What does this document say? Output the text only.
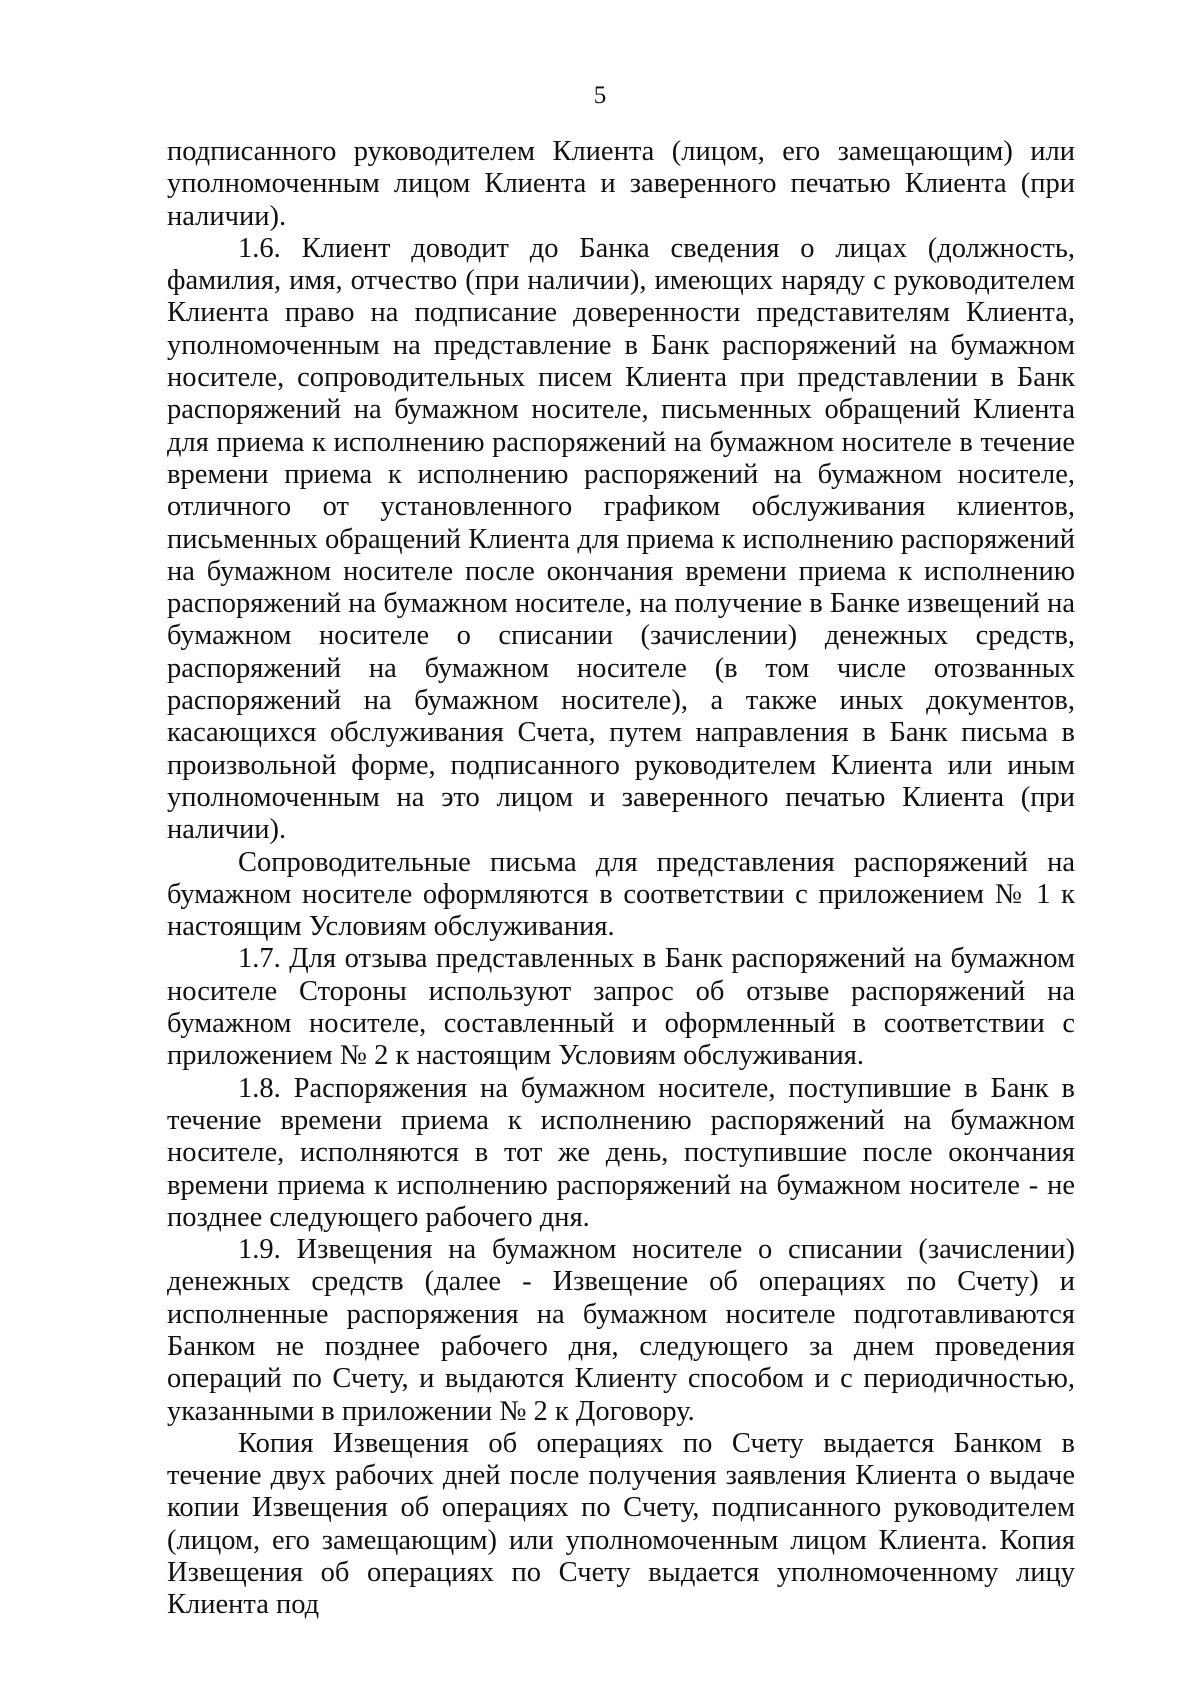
5

подписанного руководителем Клиента (лицом, его замещающим) или уполномоченным лицом Клиента и заверенного печатью Клиента (при наличии).

1.6. Клиент доводит до Банка сведения о лицах (должность, фамилия, имя, отчество (при наличии), имеющих наряду с руководителем Клиента право на подписание доверенности представителям Клиента, уполномоченным на представление в Банк распоряжений на бумажном носителе, сопроводительных писем Клиента при представлении в Банк распоряжений на бумажном носителе, письменных обращений Клиента для приема к исполнению распоряжений на бумажном носителе в течение времени приема к исполнению распоряжений на бумажном носителе, отличного от установленного графиком обслуживания клиентов, письменных обращений Клиента для приема к исполнению распоряжений на бумажном носителе после окончания времени приема к исполнению распоряжений на бумажном носителе, на получение в Банке извещений на бумажном носителе о списании (зачислении) денежных средств, распоряжений на бумажном носителе (в том числе отозванных распоряжений на бумажном носителе), а также иных документов, касающихся обслуживания Счета, путем направления в Банк письма в произвольной форме, подписанного руководителем Клиента или иным уполномоченным на это лицом и заверенного печатью Клиента (при наличии).

Сопроводительные письма для представления распоряжений на бумажном носителе оформляются в соответствии с приложением № 1 к настоящим Условиям обслуживания.

1.7. Для отзыва представленных в Банк распоряжений на бумажном носителе Стороны используют запрос об отзыве распоряжений на бумажном носителе, составленный и оформленный в соответствии с приложением № 2 к настоящим Условиям обслуживания.

1.8. Распоряжения на бумажном носителе, поступившие в Банк в течение времени приема к исполнению распоряжений на бумажном носителе, исполняются в тот же день, поступившие после окончания времени приема к исполнению распоряжений на бумажном носителе - не позднее следующего рабочего дня.

1.9. Извещения на бумажном носителе о списании (зачислении) денежных средств (далее - Извещение об операциях по Счету) и исполненные распоряжения на бумажном носителе подготавливаются Банком не позднее рабочего дня, следующего за днем проведения операций по Счету, и выдаются Клиенту способом и с периодичностью, указанными в приложении № 2 к Договору.

Копия Извещения об операциях по Счету выдается Банком в течение двух рабочих дней после получения заявления Клиента о выдаче копии Извещения об операциях по Счету, подписанного руководителем (лицом, его замещающим) или уполномоченным лицом Клиента. Копия Извещения об операциях по Счету выдается уполномоченному лицу Клиента под
